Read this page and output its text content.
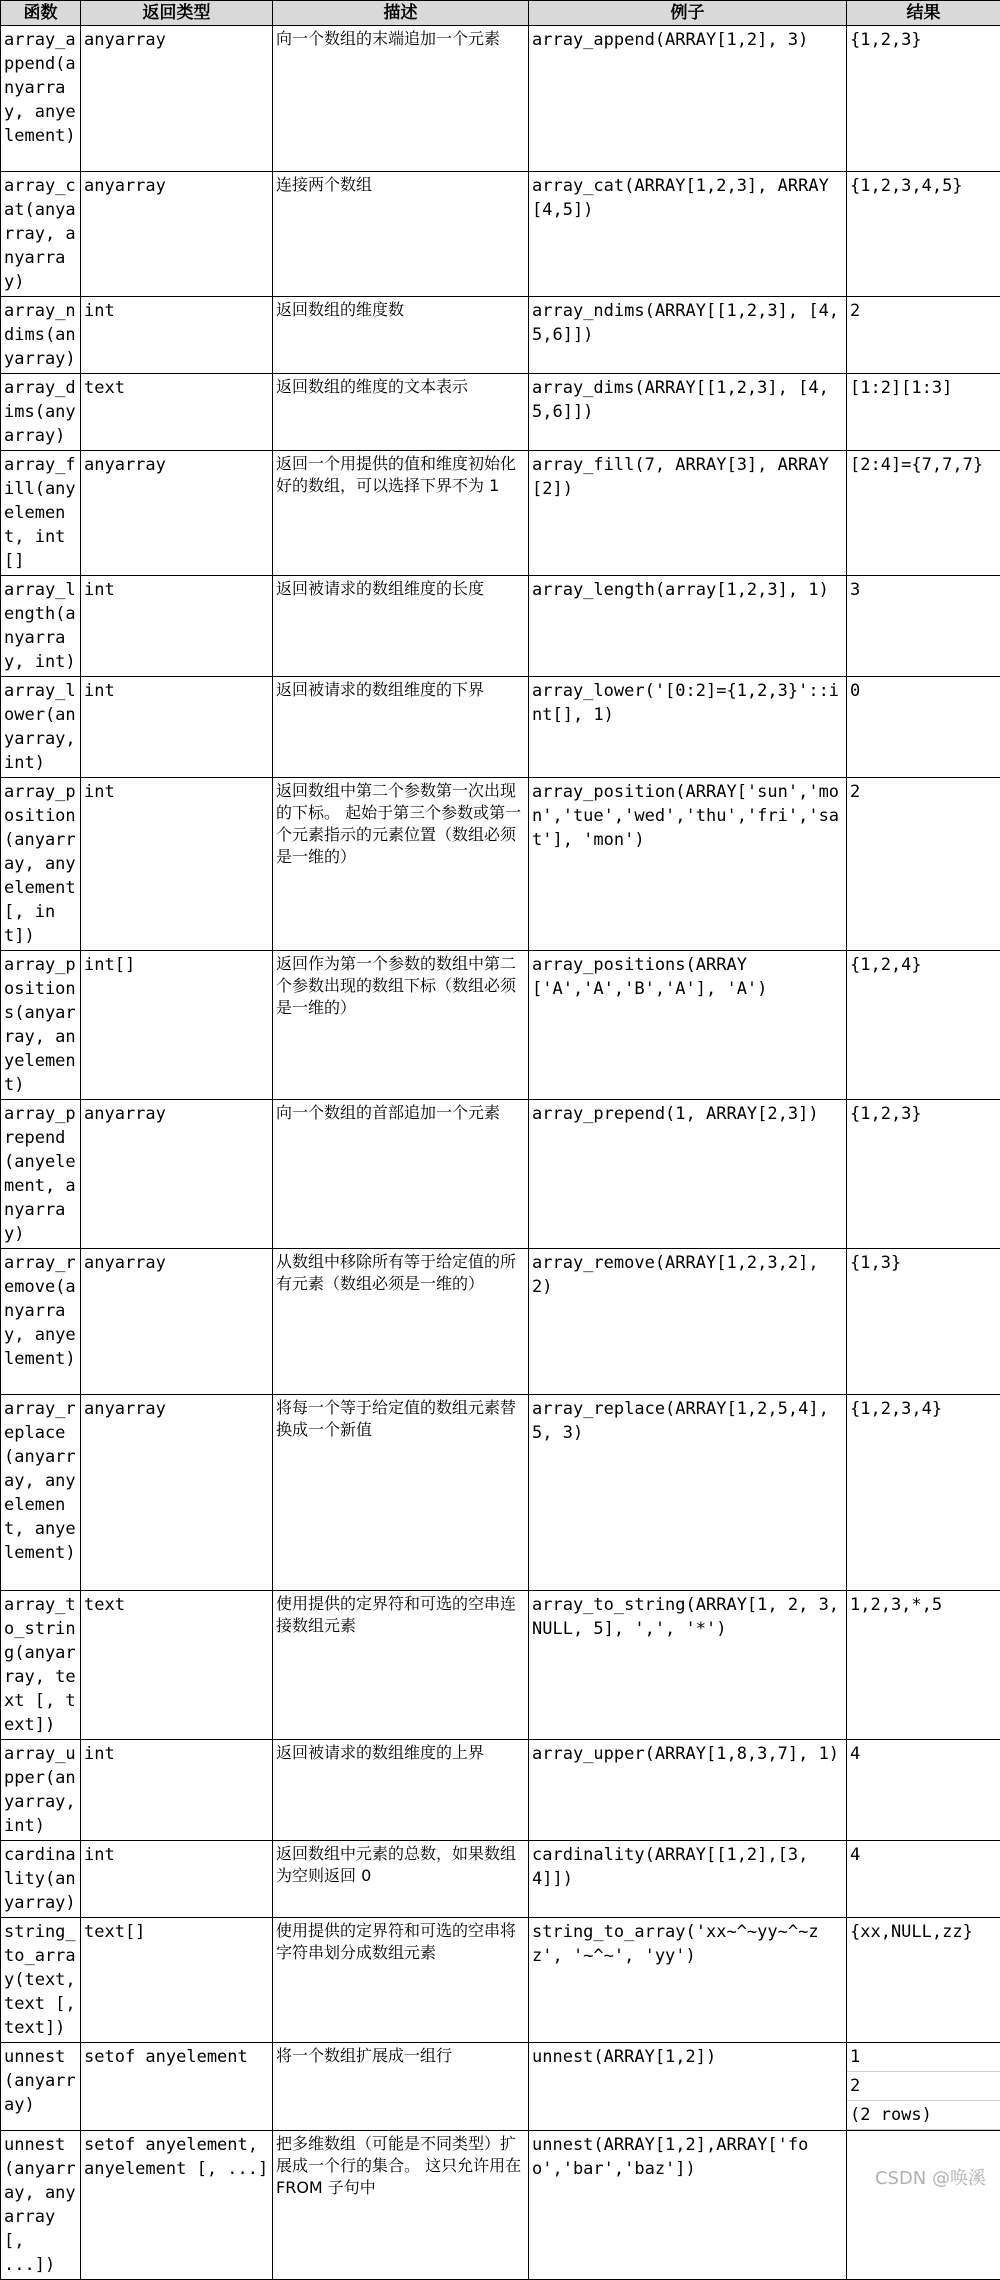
函数	返回类型	描述	例子	结果
array_append(anyarray, anyelement)	anyarray	向一个数组的末端追加一个元素	array_append(ARRAY[1,2], 3)	{1,2,3}

array_cat(anyarray, anyarray)	anyarray	连接两个数组	array_cat(ARRAY[1,2,3], ARRAY[4,5])	{1,2,3,4,5}

array_ndims(anyarray)	int	返回数组的维度数	array_ndims(ARRAY[[1,2,3], [4,5,6]])	2

array_dims(anyarray)	text	返回数组的维度的文本表示	array_dims(ARRAY[[1,2,3], [4,5,6]])	[1:2][1:3]

array_fill(anyelement, int[]	anyarray	返回一个用提供的值和维度初始化好的数组，可以选择下界不为 1	array_fill(7, ARRAY[3], ARRAY[2])	[2:4]={7,7,7}

array_length(anyarray, int)	int	返回被请求的数组维度的长度	array_length(array[1,2,3], 1)	3

array_lower(anyarray, int)	int	返回被请求的数组维度的下界	array_lower('[0:2]={1,2,3}'::int[], 1)	0

array_position(anyarray, anyelement [, int])	int	返回数组中第二个参数第一次出现的下标。 起始于第三个参数或第一个元素指示的元素位置（数组必须是一维的）	array_position(ARRAY['sun','mon','tue','wed','thu','fri','sat'], 'mon')	2

array_positions(anyarray, anyelement)	int[]	返回作为第一个参数的数组中第二个参数出现的数组下标（数组必须是一维的）	array_positions(ARRAY['A','A','B','A'], 'A')	{1,2,4}

array_prepend(anyelement, anyarray)	anyarray	向一个数组的首部追加一个元素	array_prepend(1, ARRAY[2,3])	{1,2,3}

array_remove(anyarray, anyelement)	anyarray	从数组中移除所有等于给定值的所有元素（数组必须是一维的）	array_remove(ARRAY[1,2,3,2], 2)	{1,3}

array_replace(anyarray, anyelement, anyelement)	anyarray	将每一个等于给定值的数组元素替换成一个新值	array_replace(ARRAY[1,2,5,4], 5, 3)	{1,2,3,4}

array_to_string(anyarray, text [, text])	text	使用提供的定界符和可选的空串连接数组元素	array_to_string(ARRAY[1, 2, 3, NULL, 5], ',', '*')	1,2,3,*,5

array_upper(anyarray, int)	int	返回被请求的数组维度的上界	array_upper(ARRAY[1,8,3,7], 1)	4

cardinality(anyarray)	int	返回数组中元素的总数，如果数组为空则返回 0	cardinality(ARRAY[[1,2],[3,4]])	4

string_to_array(text, text [, text])	text[]	使用提供的定界符和可选的空串将字符串划分成数组元素	string_to_array('xx~^~yy~^~zz', '~^~', 'yy')	{xx,NULL,zz}

unnest(anyarray)	setof anyelement	将一个数组扩展成一组行	unnest(ARRAY[1,2])	1
2
(2 rows)

unnest(anyarray, anyarray [, ...])	setof anyelement, anyelement [, ...]	把多维数组（可能是不同类型）扩展成一个行的集合。 这只允许用在 FROM 子句中	unnest(ARRAY[1,2],ARRAY['foo','bar','baz'])		CSDN @唤溪
